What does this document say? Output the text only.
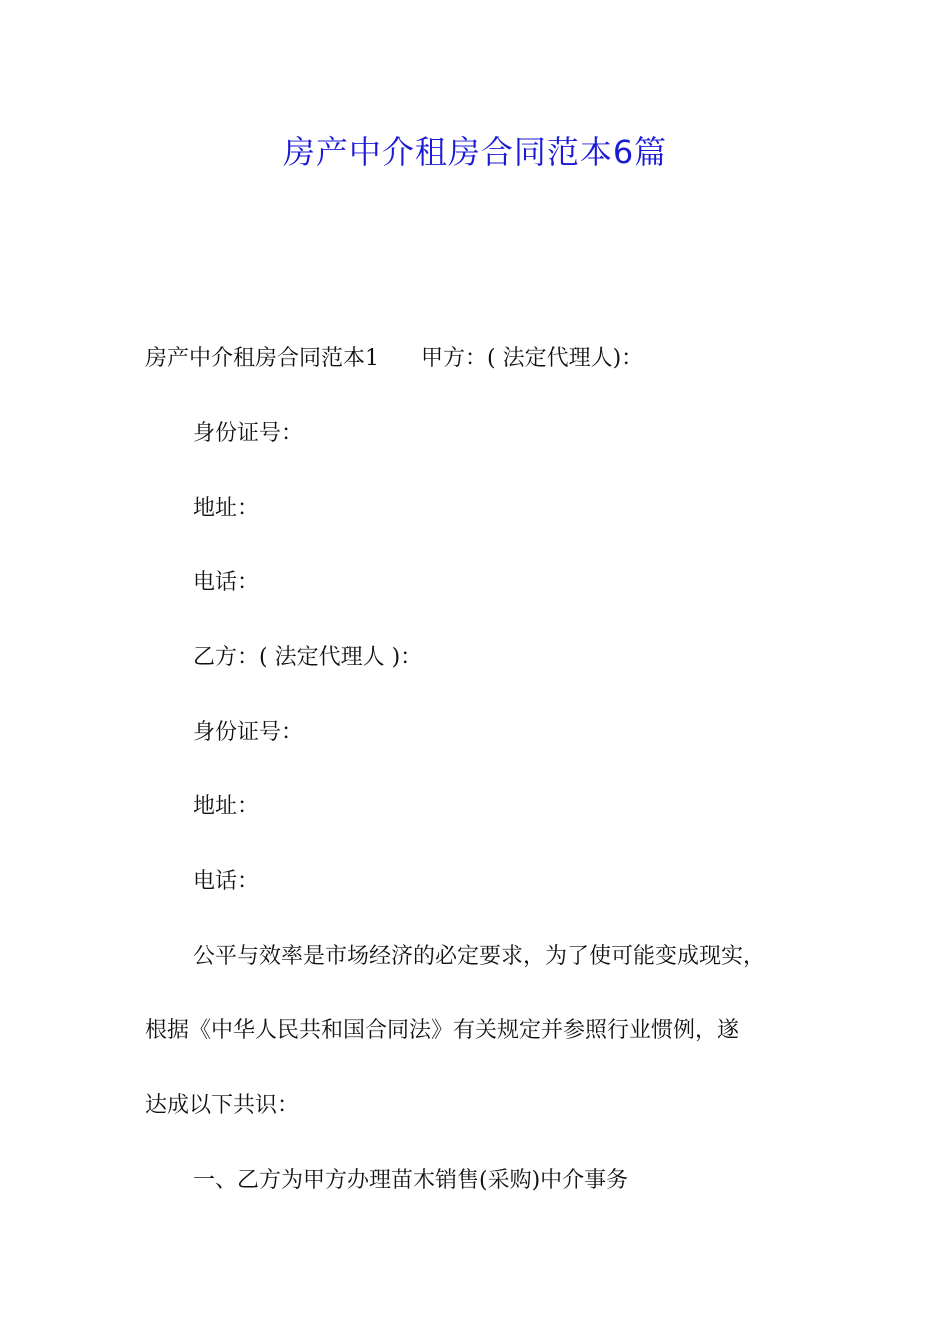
房产中介租房合同范本6篇
房产中介租房合同范本1 甲方：( 法定代理人)：
身份证号：
地址：
电话：
乙方：( 法定代理人 )：
身份证号：
地址：
电话：
公平与效率是市场经济的必定要求，为了使可能变成现实，
根据《中华人民共和国合同法》有关规定并参照行业惯例，遂
达成以下共识：
一、乙方为甲方办理苗木销售(采购)中介事务
